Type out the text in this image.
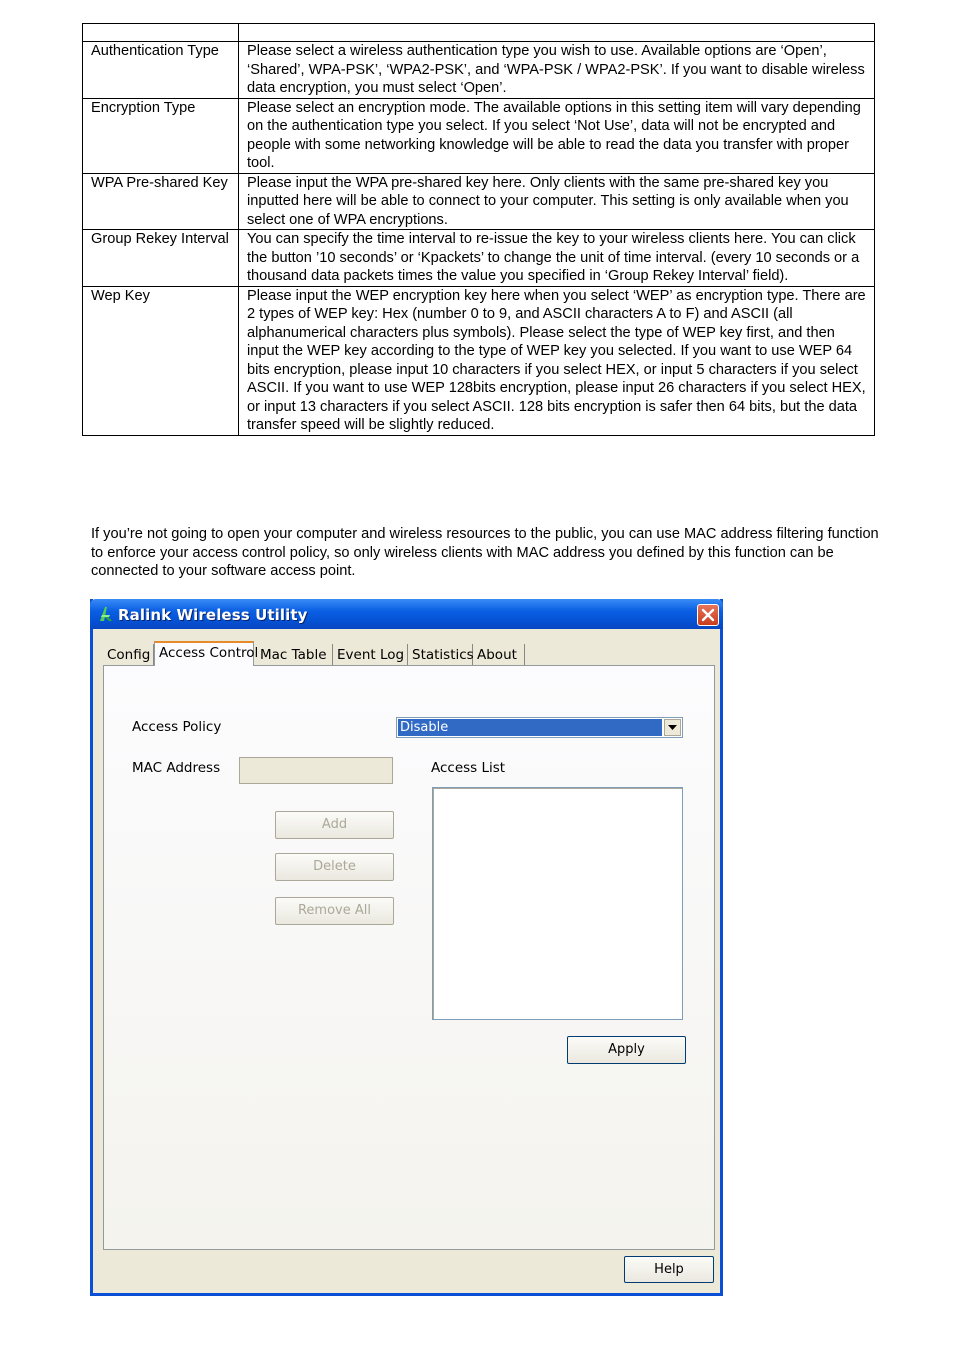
Authentication Type	Please select a wireless authentication type you wish to use. Available options are ‘Open’, ‘Shared’, WPA-PSK’, ‘WPA2-PSK’, and ‘WPA-PSK / WPA2-PSK’. If you want to disable wireless data encryption, you must select ‘Open’.
Encryption Type	Please select an encryption mode. The available options in this setting item will vary depending on the authentication type you select. If you select ‘Not Use’, data will not be encrypted and people with some networking knowledge will be able to read the data you transfer with proper tool.
WPA Pre-shared Key	Please input the WPA pre-shared key here. Only clients with the same pre-shared key you inputted here will be able to connect to your computer. This setting is only available when you select one of WPA encryptions.
Group Rekey Interval	You can specify the time interval to re-issue the key to your wireless clients here. You can click the button ’10 seconds’ or ‘Kpackets’ to change the unit of time interval. (every 10 seconds or a thousand data packets times the value you specified in ‘Group Rekey Interval’ field).
Wep Key	Please input the WEP encryption key here when you select ‘WEP’ as encryption type. There are 2 types of WEP key: Hex (number 0 to 9, and ASCII characters A to F) and ASCII (all alphanumerical characters plus symbols). Please select the type of WEP key first, and then input the WEP key according to the type of WEP key you selected. If you want to use WEP 64 bits encryption, please input 10 characters if you select HEX, or input 5 characters if you select ASCII. If you want to use WEP 128bits encryption, please input 26 characters if you select HEX, or input 13 characters if you select ASCII. 128 bits encryption is safer then 64 bits, but the data transfer speed will be slightly reduced.

If you’re not going to open your computer and wireless resources to the public, you can use MAC address filtering function to enforce your access control policy, so only wireless clients with MAC address you defined by this function can be connected to your software access point.

Ralink Wireless Utility
Config Access Control Mac Table Event Log Statistics About
Access Policy	Disable
MAC Address	Access List
Add
Delete
Remove All
Apply
Help
